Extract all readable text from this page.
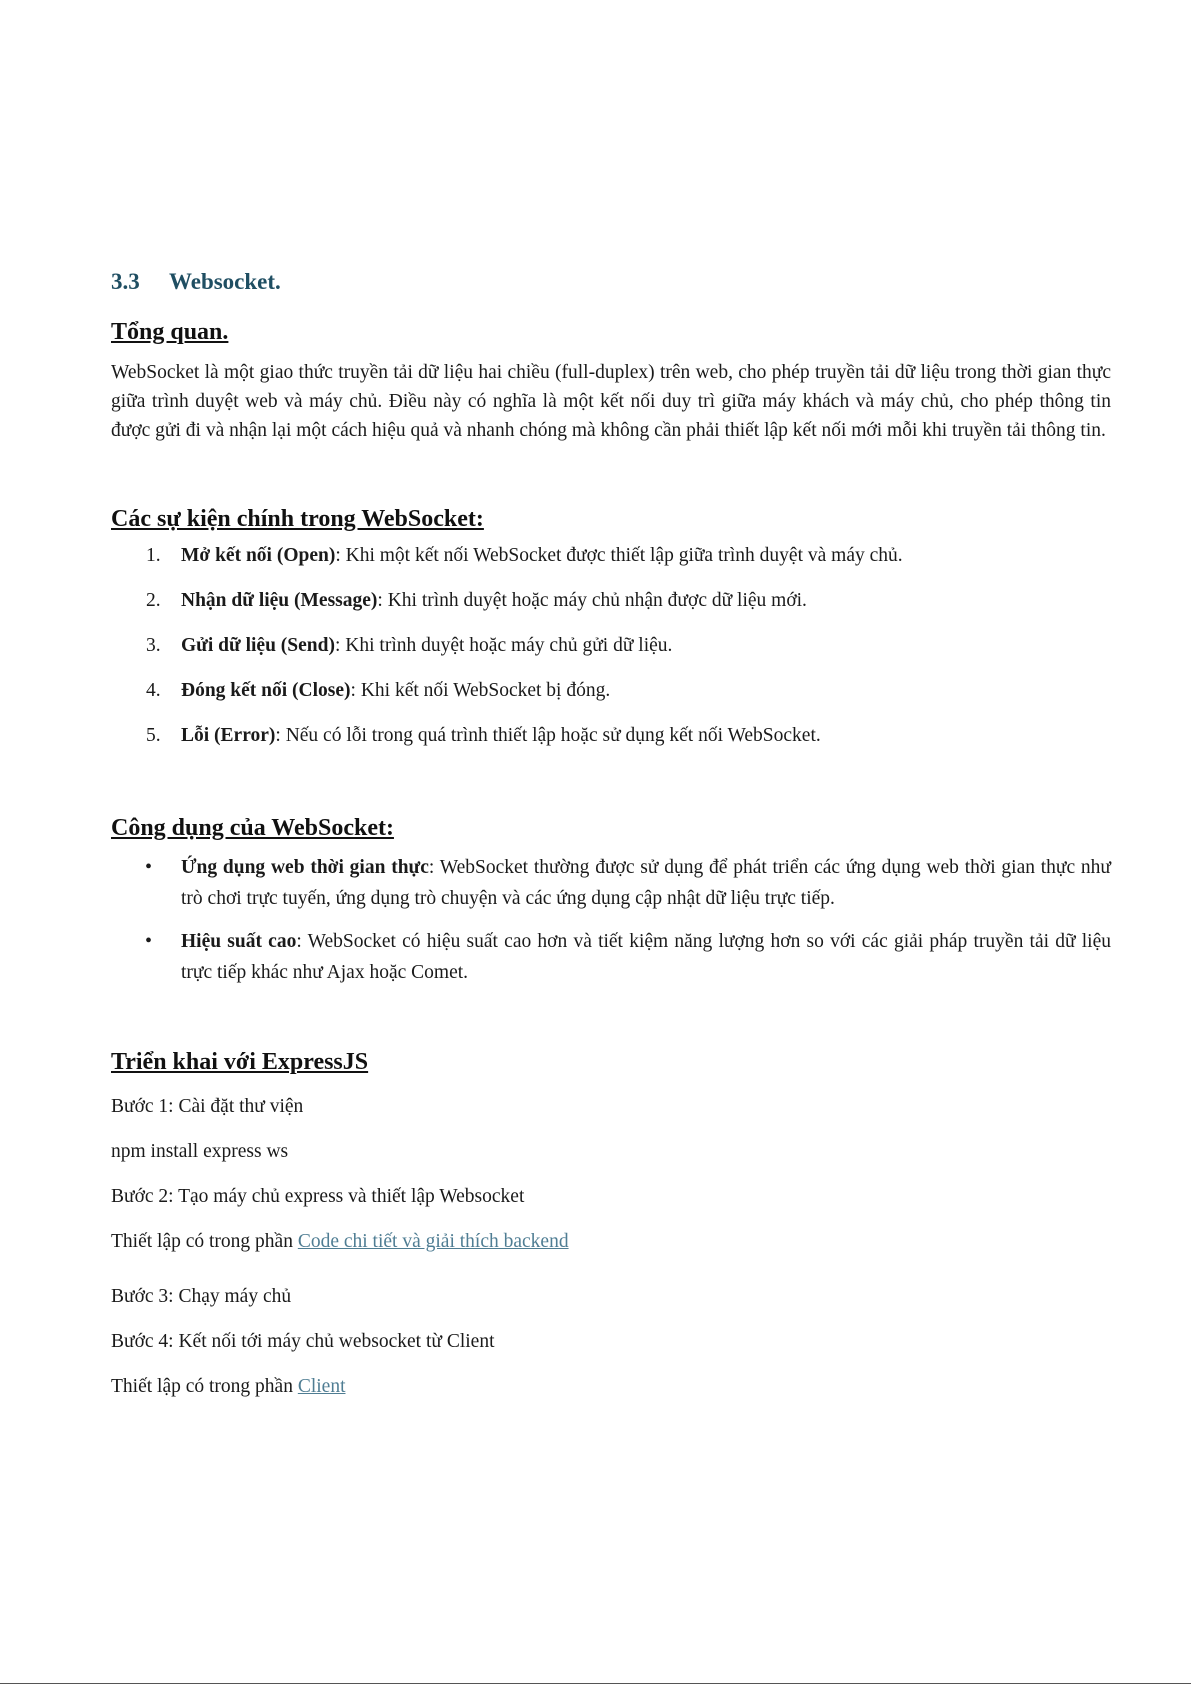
3.3 Websocket.
Tổng quan.

WebSocket là một giao thức truyền tải dữ liệu hai chiều (full-duplex) trên web, cho phép truyền tải dữ liệu trong thời gian thực giữa trình duyệt web và máy chủ. Điều này có nghĩa là một kết nối duy trì giữa máy khách và máy chủ, cho phép thông tin được gửi đi và nhận lại một cách hiệu quả và nhanh chóng mà không cần phải thiết lập kết nối mới mỗi khi truyền tải thông tin.

Các sự kiện chính trong WebSocket:
1. Mở kết nối (Open): Khi một kết nối WebSocket được thiết lập giữa trình duyệt và máy chủ.
2. Nhận dữ liệu (Message): Khi trình duyệt hoặc máy chủ nhận được dữ liệu mới.
3. Gửi dữ liệu (Send): Khi trình duyệt hoặc máy chủ gửi dữ liệu.
4. Đóng kết nối (Close): Khi kết nối WebSocket bị đóng.
5. Lỗi (Error): Nếu có lỗi trong quá trình thiết lập hoặc sử dụng kết nối WebSocket.
Công dụng của WebSocket:
• Ứng dụng web thời gian thực: WebSocket thường được sử dụng để phát triển các ứng dụng web thời gian thực như trò chơi trực tuyến, ứng dụng trò chuyện và các ứng dụng cập nhật dữ liệu trực tiếp.
• Hiệu suất cao: WebSocket có hiệu suất cao hơn và tiết kiệm năng lượng hơn so với các giải pháp truyền tải dữ liệu trực tiếp khác như Ajax hoặc Comet.
Triển khai với ExpressJS

Bước 1: Cài đặt thư viện

npm install express ws

Bước 2: Tạo máy chủ express và thiết lập Websocket

Thiết lập có trong phần Code chi tiết và giải thích backend

Bước 3: Chạy máy chủ

Bước 4: Kết nối tới máy chủ websocket từ Client

Thiết lập có trong phần Client
